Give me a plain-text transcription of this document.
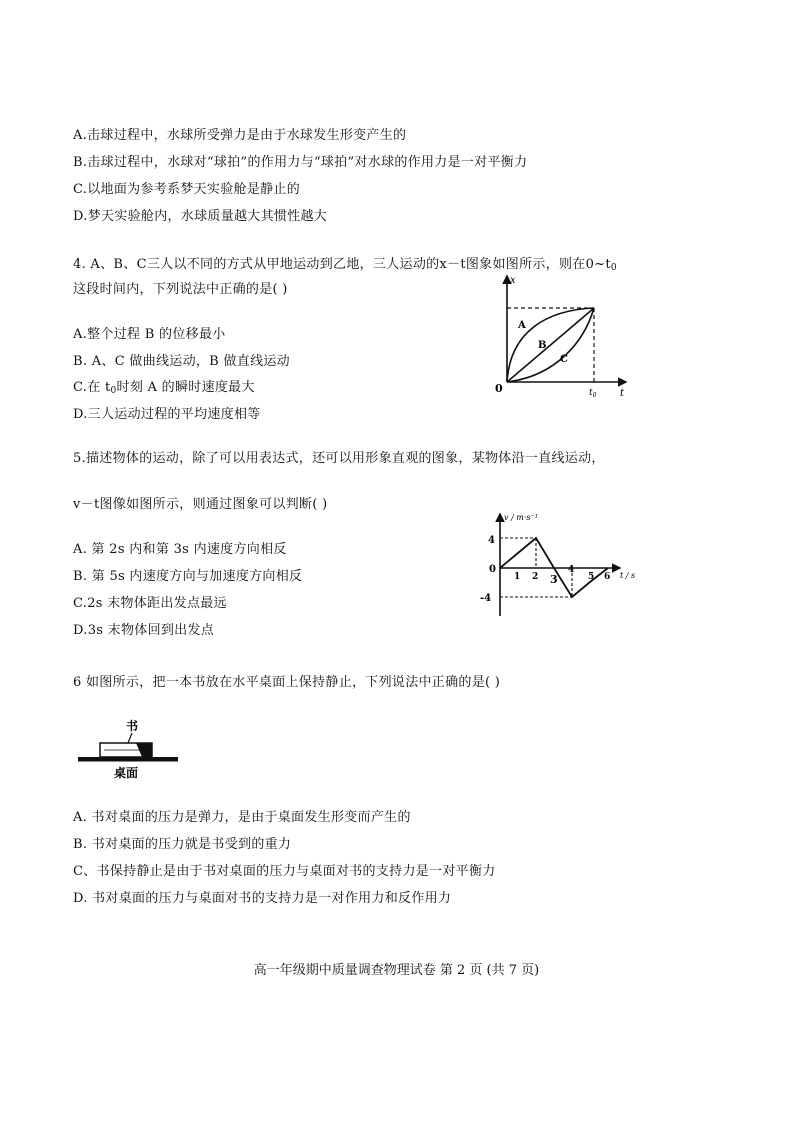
A.击球过程中，水球所受弹力是由于水球发生形变产生的
B.击球过程中，水球对“球拍”的作用力与“球拍”对水球的作用力是一对平衡力
C.以地面为参考系梦天实验舱是静止的
D.梦天实验舱内，水球质量越大其惯性越大
4. A、B、C三人以不同的方式从甲地运动到乙地，三人运动的x－t图象如图所示，则在$0\sim t_0$
这段时间内，下列说法中正确的是( )
A.整个过程 B 的位移最小
B. A、C 做曲线运动，B 做直线运动
C.在 $t_0$时刻 A 的瞬时速度最大
D.三人运动过程的平均速度相等
x
t
0
A
B
C
$t_0$
5.描述物体的运动，除了可以用表达式，还可以用形象直观的图象，某物体沿一直线运动，
v－t图像如图所示，则通过图象可以判断( )
A. 第 2s 内和第 3s 内速度方向相反
B. 第 5s 内速度方向与加速度方向相反
C.2s 末物体距出发点最远
D.3s 末物体回到出发点
v / m·s⁻¹
t / s
4
0
-4
1 2 3
4
5 6
6 如图所示，把一本书放在水平桌面上保持静止，下列说法中正确的是( )
书
桌面
A. 书对桌面的压力是弹力，是由于桌面发生形变而产生的
B. 书对桌面的压力就是书受到的重力
C、书保持静止是由于书对桌面的压力与桌面对书的支持力是一对平衡力
D. 书对桌面的压力与桌面对书的支持力是一对作用力和反作用力
高一年级期中质量调查物理试卷 第 2 页 (共 7 页)
